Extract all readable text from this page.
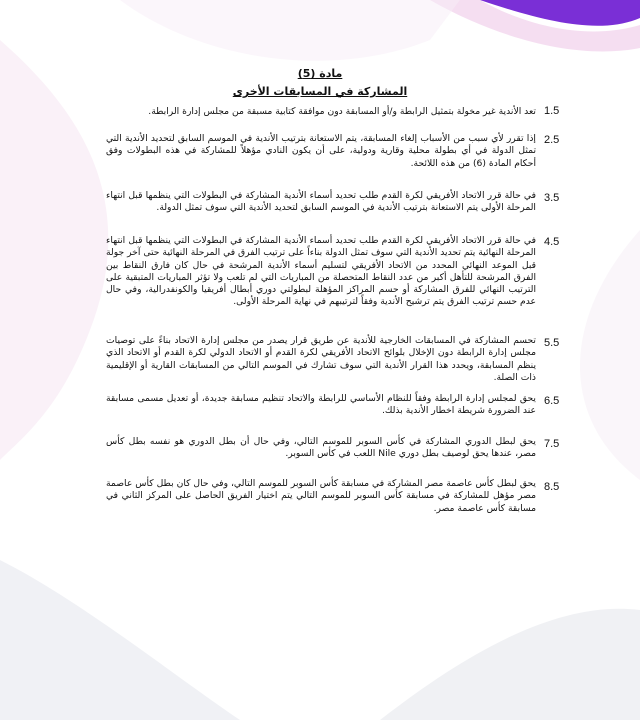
مادة (5)
المشاركة في المسابقات الأخرى
1.5
تعد الأندية غير مخولة بتمثيل الرابطة و/أو المسابقة دون موافقة كتابية مسبقة من مجلس إدارة الرابطة.
2.5
إذا تقرر لأي سبب من الأسباب إلغاء المسابقة، يتم الاستعانة بترتيب الأندية في الموسم السابق لتحديد الأندية التي تمثل الدولة في أي بطولة محلية وقارية ودولية، على أن يكون النادي مؤهلاً للمشاركة في هذه البطولات وفق أحكام المادة (6) من هذه اللائحة.
3.5
في حالة قرر الاتحاد الأفريقي لكرة القدم طلب تحديد أسماء الأندية المشاركة في البطولات التي ينظمها قبل انتهاء المرحلة الأولى يتم الاستعانة بترتيب الأندية في الموسم السابق لتحديد الأندية التي سوف تمثل الدولة.
4.5
في حالة قرر الاتحاد الأفريقي لكرة القدم طلب تحديد أسماء الأندية المشاركة في البطولات التي ينظمها قبل انتهاء المرحلة النهائية يتم تحديد الأندية التي سوف تمثل الدولة بناءاً على ترتيب الفرق في المرحلة النهائية حتى آخر جولة قبل الموعد النهائي المحدد من الاتحاد الأفريقي لتسليم أسماء الأندية المرشحة في حال كان فارق النقاط بين الفرق المرشحة للتأهل أكبر من عدد النقاط المتحصلة من المباريات التي لم تلعب ولا تؤثر المباريات المتبقية على الترتيب النهائي للفرق المشاركة أو حسم المراكز المؤهلة لبطولتي دوري أبطال أفريقيا والكونفدرالية، وفي حال عدم حسم ترتيب الفرق يتم ترشيح الأندية وفقاً لترتيبهم في نهاية المرحلة الأولى.
5.5
تحسم المشاركة في المسابقات الخارجية للأندية عن طريق قرار يصدر من مجلس إدارة الاتحاد بناءً على توصيات مجلس إدارة الرابطة دون الإخلال بلوائح الاتحاد الأفريقي لكرة القدم أو الاتحاد الدولي لكرة القدم أو الاتحاد الذي ينظم المسابقة، ويحدد هذا القرار الأندية التي سوف تشارك في الموسم التالي من المسابقات القارية أو الإقليمية ذات الصلة.
6.5
يحق لمجلس إدارة الرابطة وفقاً للنظام الأساسي للرابطة والاتحاد تنظيم مسابقة جديدة، أو تعديل مسمى مسابقة عند الضرورة شريطة اخطار الأندية بذلك.
7.5
يحق لبطل الدوري المشاركة في كأس السوبر للموسم التالي، وفي حال أن بطل الدوري هو نفسه بطل كأس مصر، عندها يحق لوصيف بطل دوري Nile اللعب في كأس السوبر.
8.5
يحق لبطل كأس عاصمة مصر المشاركة في مسابقة كأس السوبر للموسم التالي، وفي حال كان بطل كأس عاصمة مصر مؤهل للمشاركة في مسابقة كأس السوبر للموسم التالي يتم اختيار الفريق الحاصل على المركز الثاني في مسابقة كأس عاصمة مصر.
